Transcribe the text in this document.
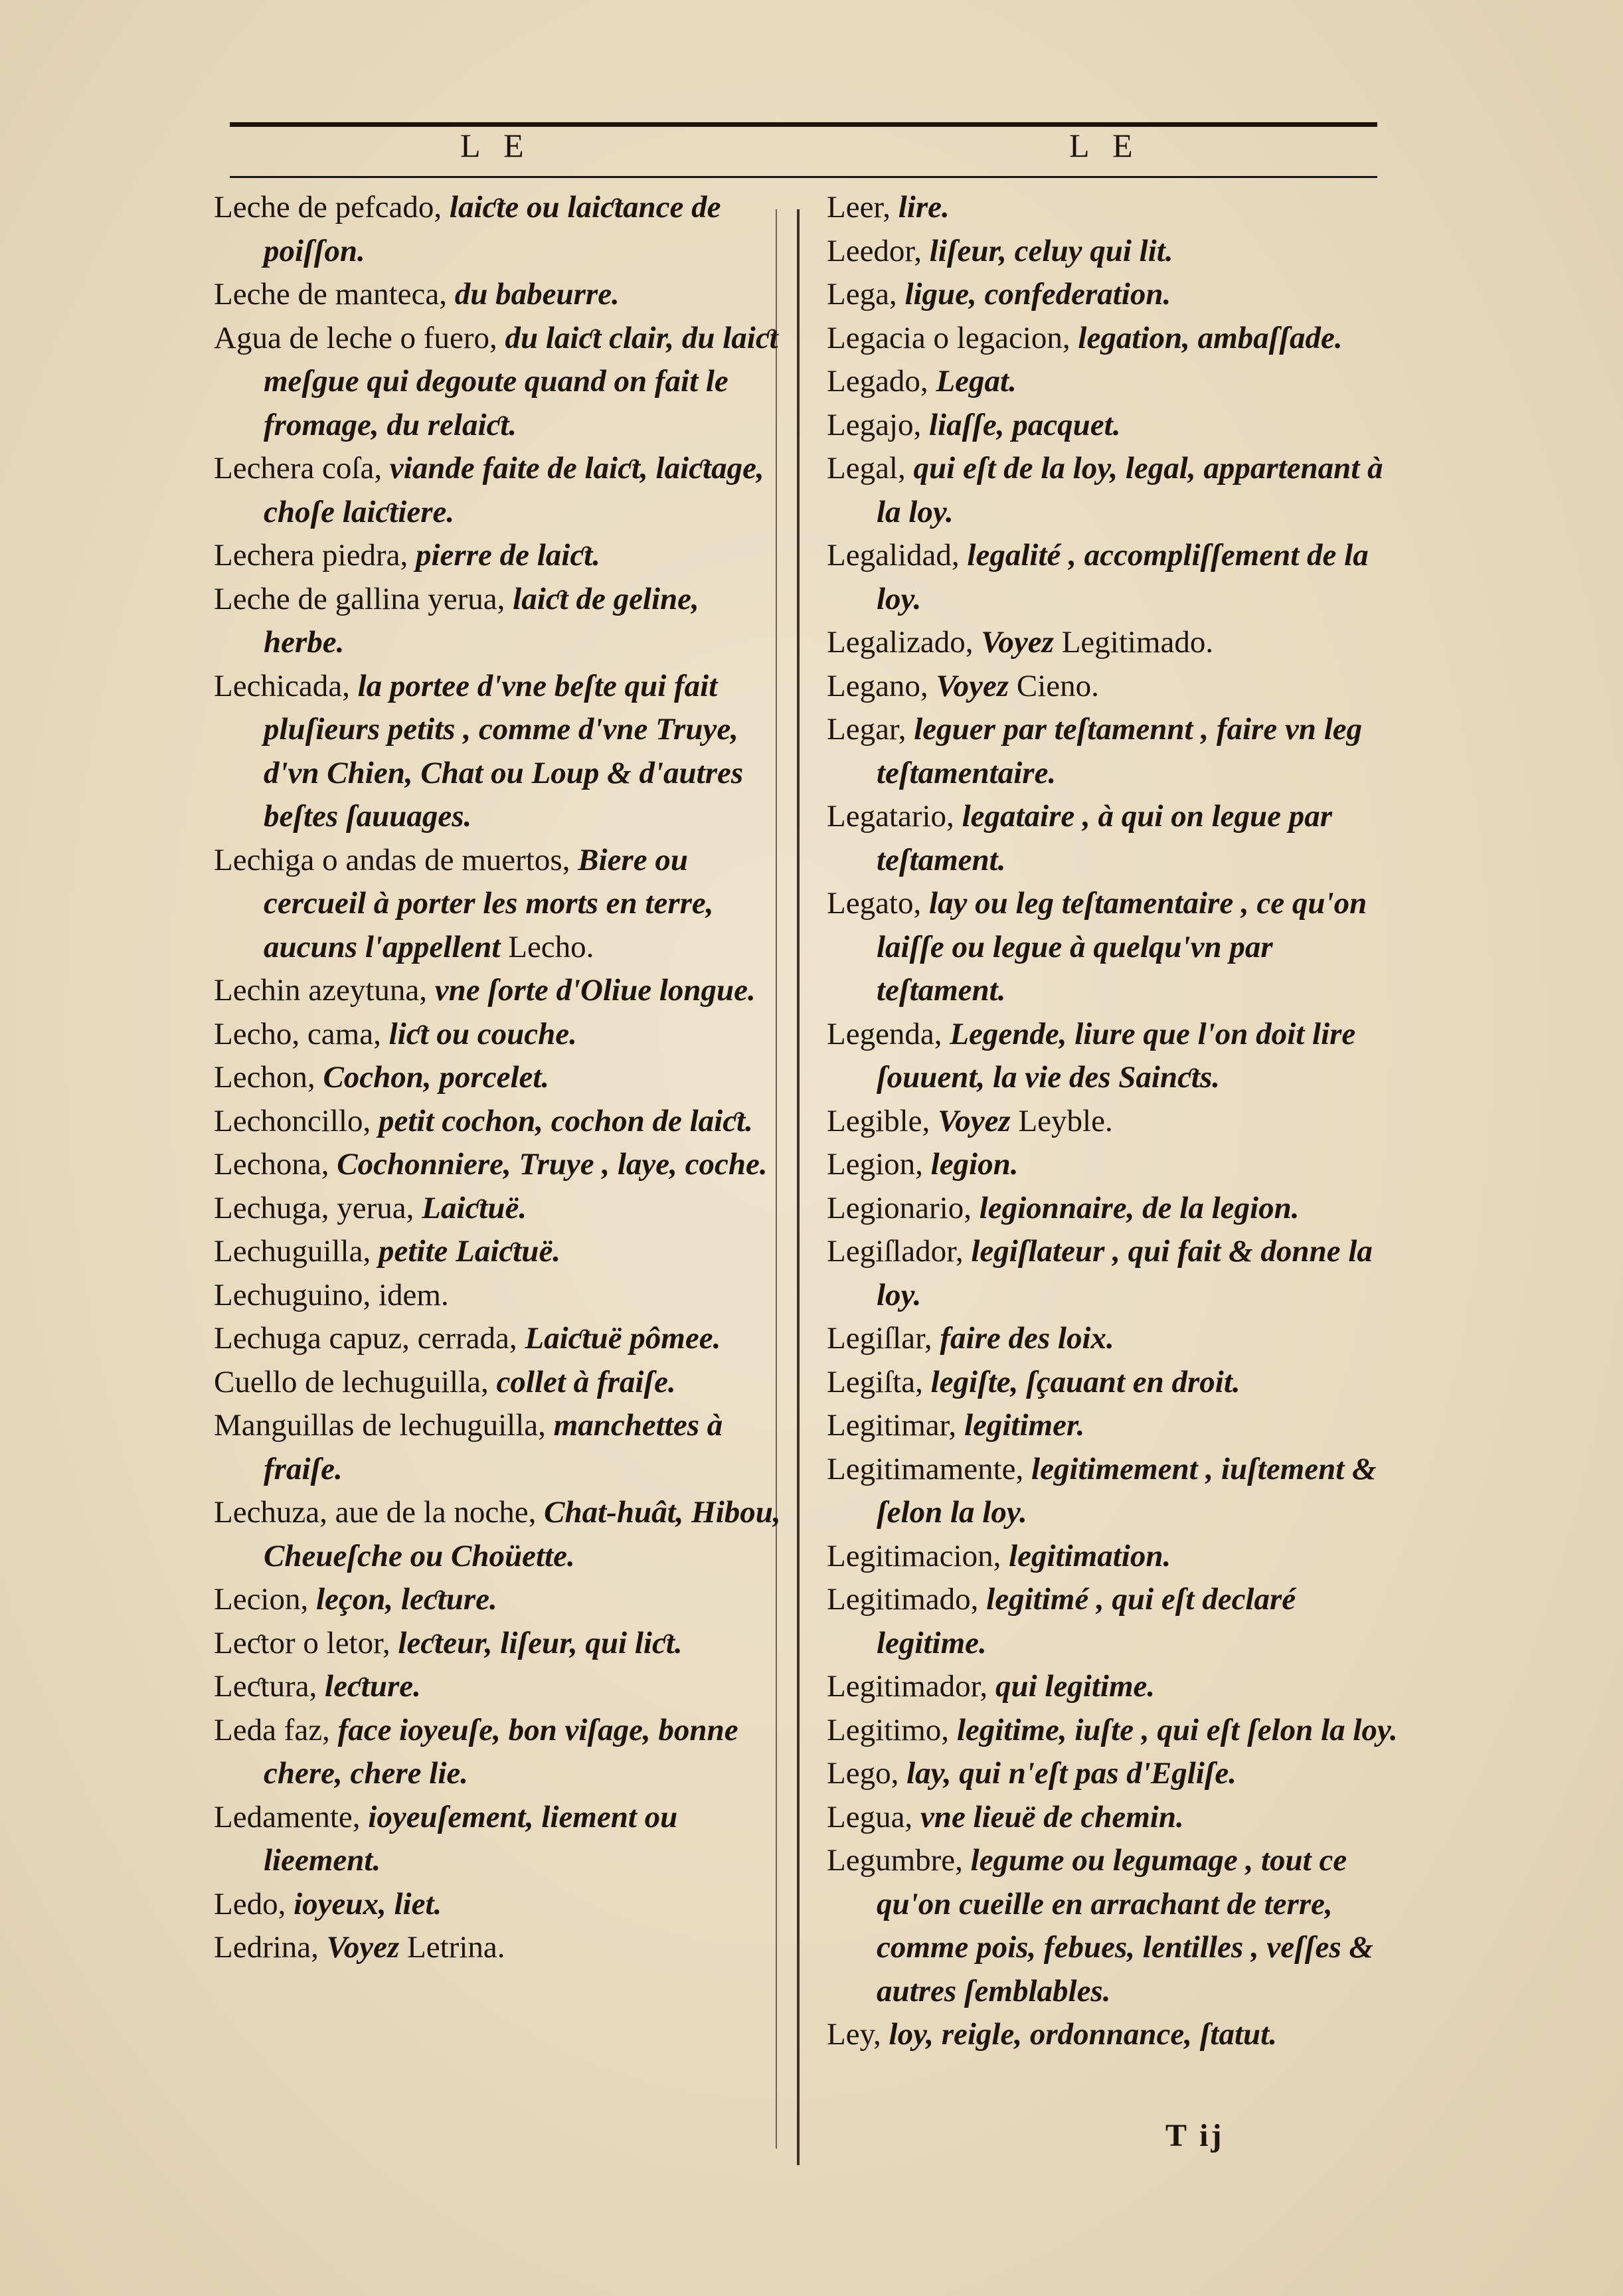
L E	L E
Leche de pefcado, laiƈte ou laiƈtance de poiſſon.
Leche de manteca, du babeurre.
Agua de leche o fuero, du laiƈt clair, du laiƈt meſgue qui degoute quand on fait le fromage, du relaiƈt.
Lechera coſa, viande faite de laiƈt, laiƈtage, choſe laiƈtiere.
Lechera piedra, pierre de laiƈt.
Leche de gallina yerua, laiƈt de geline, herbe.
Lechicada, la portee d'vne beſte qui fait pluſieurs petits , comme d'vne Truye, d'vn Chien, Chat ou Loup & d'autres beſtes ſauuages.
Lechiga o andas de muertos, Biere ou cercueil à porter les morts en terre, aucuns l'appellent Lecho.
Lechin azeytuna, vne ſorte d'Oliue longue.
Lecho, cama, liƈt ou couche.
Lechon, Cochon, porcelet.
Lechoncillo, petit cochon, cochon de laiƈt.
Lechona, Cochonniere, Truye , laye, coche.
Lechuga, yerua, Laiƈtuë.
Lechuguilla, petite Laiƈtuë.
Lechuguino, idem.
Lechuga capuz, cerrada, Laiƈtuë pômee.
Cuello de lechuguilla, collet à fraiſe.
Manguillas de lechuguilla, manchettes à fraiſe.
Lechuza, aue de la noche, Chat-huât, Hibou, Cheueſche ou Choüette.
Lecion, leçon, leƈture.
Leƈtor o letor, leƈteur, liſeur, qui liƈt.
Leƈtura, leƈture.
Leda faz, face ioyeuſe, bon viſage, bonne chere, chere lie.
Ledamente, ioyeuſement, liement ou lieement.
Ledo, ioyeux, liet.
Ledrina, Voyez Letrina.
Leer, lire.
Leedor, liſeur, celuy qui lit.
Lega, ligue, confederation.
Legacia o legacion, legation, ambaſſade.
Legado, Legat.
Legajo, liaſſe, pacquet.
Legal, qui eſt de la loy, legal, appartenant à la loy.
Legalidad, legalité , accompliſſement de la loy.
Legalizado, Voyez Legitimado.
Legano, Voyez Cieno.
Legar, leguer par teſtamennt , faire vn leg teſtamentaire.
Legatario, legataire , à qui on legue par teſtament.
Legato, lay ou leg teſtamentaire , ce qu'on laiſſe ou legue à quelqu'vn par teſtament.
Legenda, Legende, liure que l'on doit lire ſouuent, la vie des Sainƈts.
Legible, Voyez Leyble.
Legion, legion.
Legionario, legionnaire, de la legion.
Legiſlador, legiſlateur , qui fait & donne la loy.
Legiſlar, faire des loix.
Legiſta, legiſte, ſçauant en droit.
Legitimar, legitimer.
Legitimamente, legitimement , iuſtement & ſelon la loy.
Legitimacion, legitimation.
Legitimado, legitimé , qui eſt declaré legitime.
Legitimador, qui legitime.
Legitimo, legitime, iuſte , qui eſt ſelon la loy.
Lego, lay, qui n'eſt pas d'Egliſe.
Legua, vne lieuë de chemin.
Legumbre, legume ou legumage , tout ce qu'on cueille en arrachant de terre, comme pois, febues, lentilles , veſſes & autres ſemblables.
Ley, loy, reigle, ordonnance, ſtatut.
T ij
